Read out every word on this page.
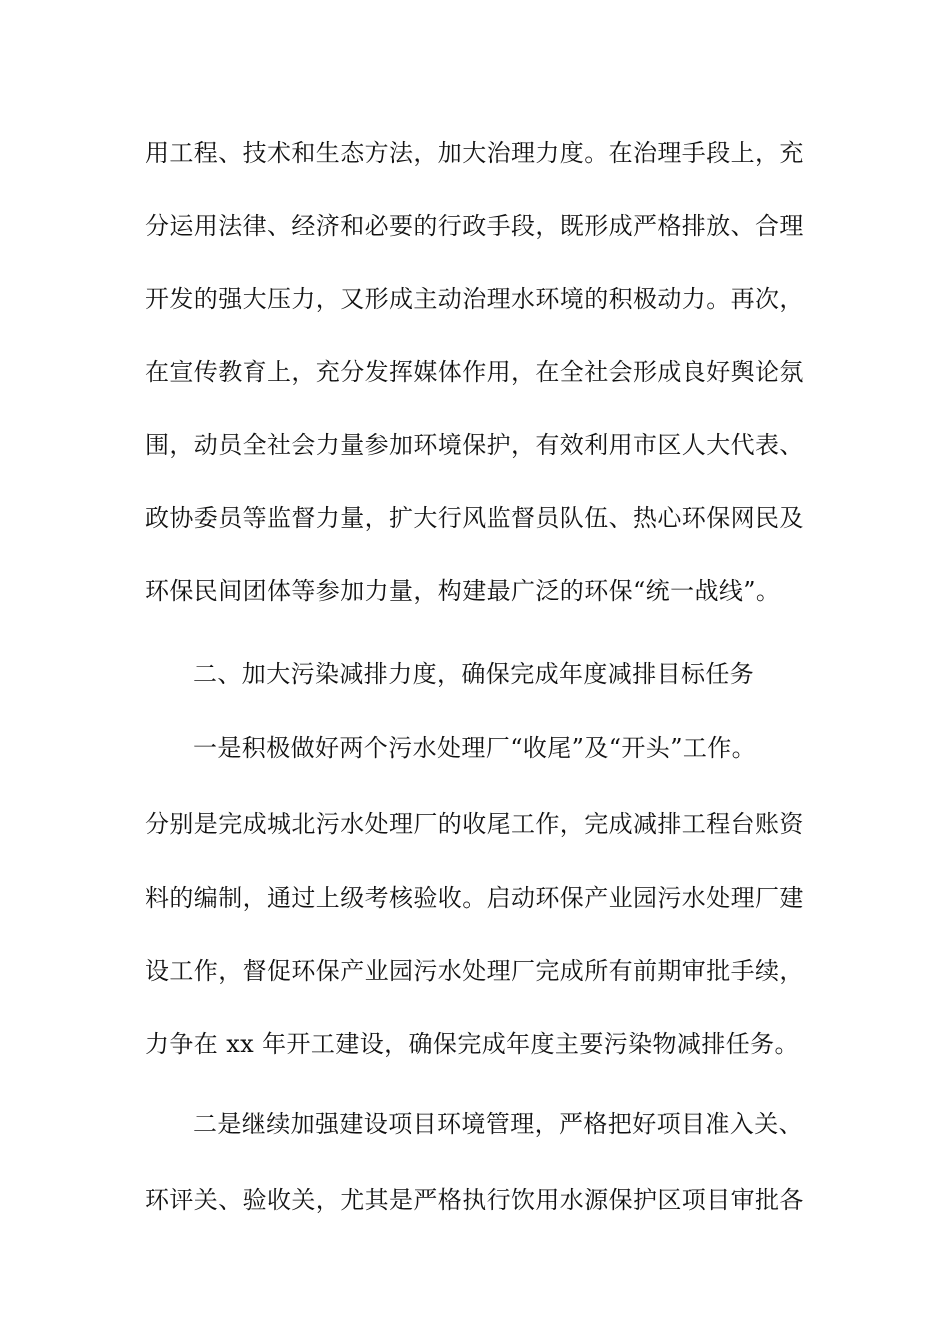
用工程、技术和生态方法，加大治理力度。在治理手段上，充
分运用法律、经济和必要的行政手段，既形成严格排放、合理
开发的强大压力，又形成主动治理水环境的积极动力。再次，
在宣传教育上，充分发挥媒体作用，在全社会形成良好舆论氛
围，动员全社会力量参加环境保护，有效利用市区人大代表、
政协委员等监督力量，扩大行风监督员队伍、热心环保网民及
环保民间团体等参加力量，构建最广泛的环保“统一战线”。
二、加大污染减排力度，确保完成年度减排目标任务
一是积极做好两个污水处理厂“收尾”及“开头”工作。
分别是完成城北污水处理厂的收尾工作，完成减排工程台账资
料的编制，通过上级考核验收。启动环保产业园污水处理厂建
设工作，督促环保产业园污水处理厂完成所有前期审批手续，
力争在 xx 年开工建设，确保完成年度主要污染物减排任务。
二是继续加强建设项目环境管理，严格把好项目准入关、
环评关、验收关，尤其是严格执行饮用水源保护区项目审批各
